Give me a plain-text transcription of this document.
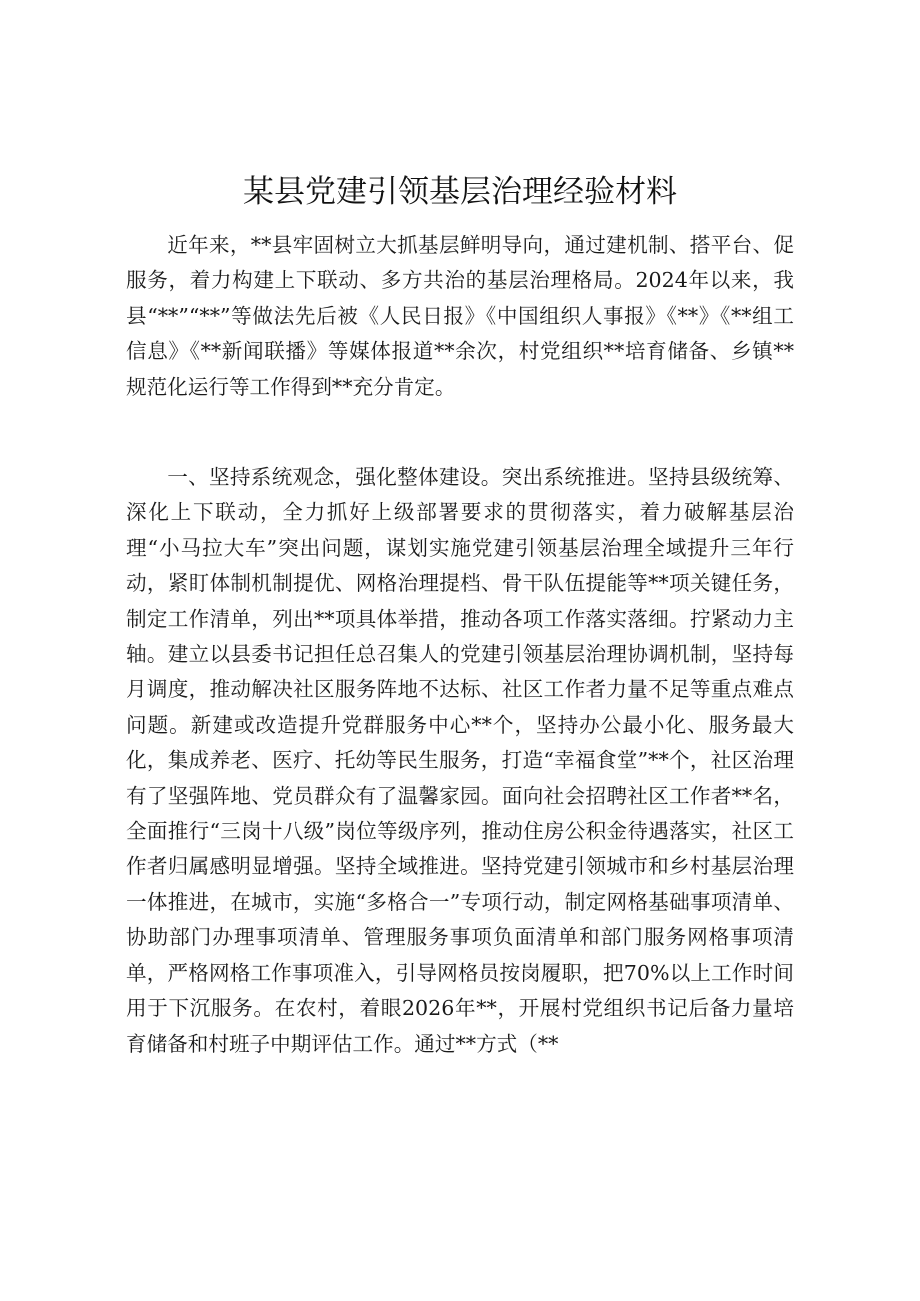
某县党建引领基层治理经验材料

近年来，**县牢固树立大抓基层鲜明导向，通过建机制、搭平台、促服务，着力构建上下联动、多方共治的基层治理格局。2024年以来，我县“**”“**”等做法先后被《人民日报》《中国组织人事报》《**》《**组工信息》《**新闻联播》等媒体报道**余次，村党组织**培育储备、乡镇**规范化运行等工作得到**充分肯定。

一、坚持系统观念，强化整体建设。突出系统推进。坚持县级统筹、深化上下联动，全力抓好上级部署要求的贯彻落实，着力破解基层治理“小马拉大车”突出问题，谋划实施党建引领基层治理全域提升三年行动，紧盯体制机制提优、网格治理提档、骨干队伍提能等**项关键任务，制定工作清单，列出**项具体举措，推动各项工作落实落细。拧紧动力主轴。建立以县委书记担任总召集人的党建引领基层治理协调机制，坚持每月调度，推动解决社区服务阵地不达标、社区工作者力量不足等重点难点问题。新建或改造提升党群服务中心**个，坚持办公最小化、服务最大化，集成养老、医疗、托幼等民生服务，打造“幸福食堂”**个，社区治理有了坚强阵地、党员群众有了温馨家园。面向社会招聘社区工作者**名，全面推行“三岗十八级”岗位等级序列，推动住房公积金待遇落实，社区工作者归属感明显增强。坚持全域推进。坚持党建引领城市和乡村基层治理一体推进，在城市，实施“多格合一”专项行动，制定网格基础事项清单、协助部门办理事项清单、管理服务事项负面清单和部门服务网格事项清单，严格网格工作事项准入，引导网格员按岗履职，把70%以上工作时间用于下沉服务。在农村，着眼2026年**，开展村党组织书记后备力量培育储备和村班子中期评估工作。通过**方式（**
